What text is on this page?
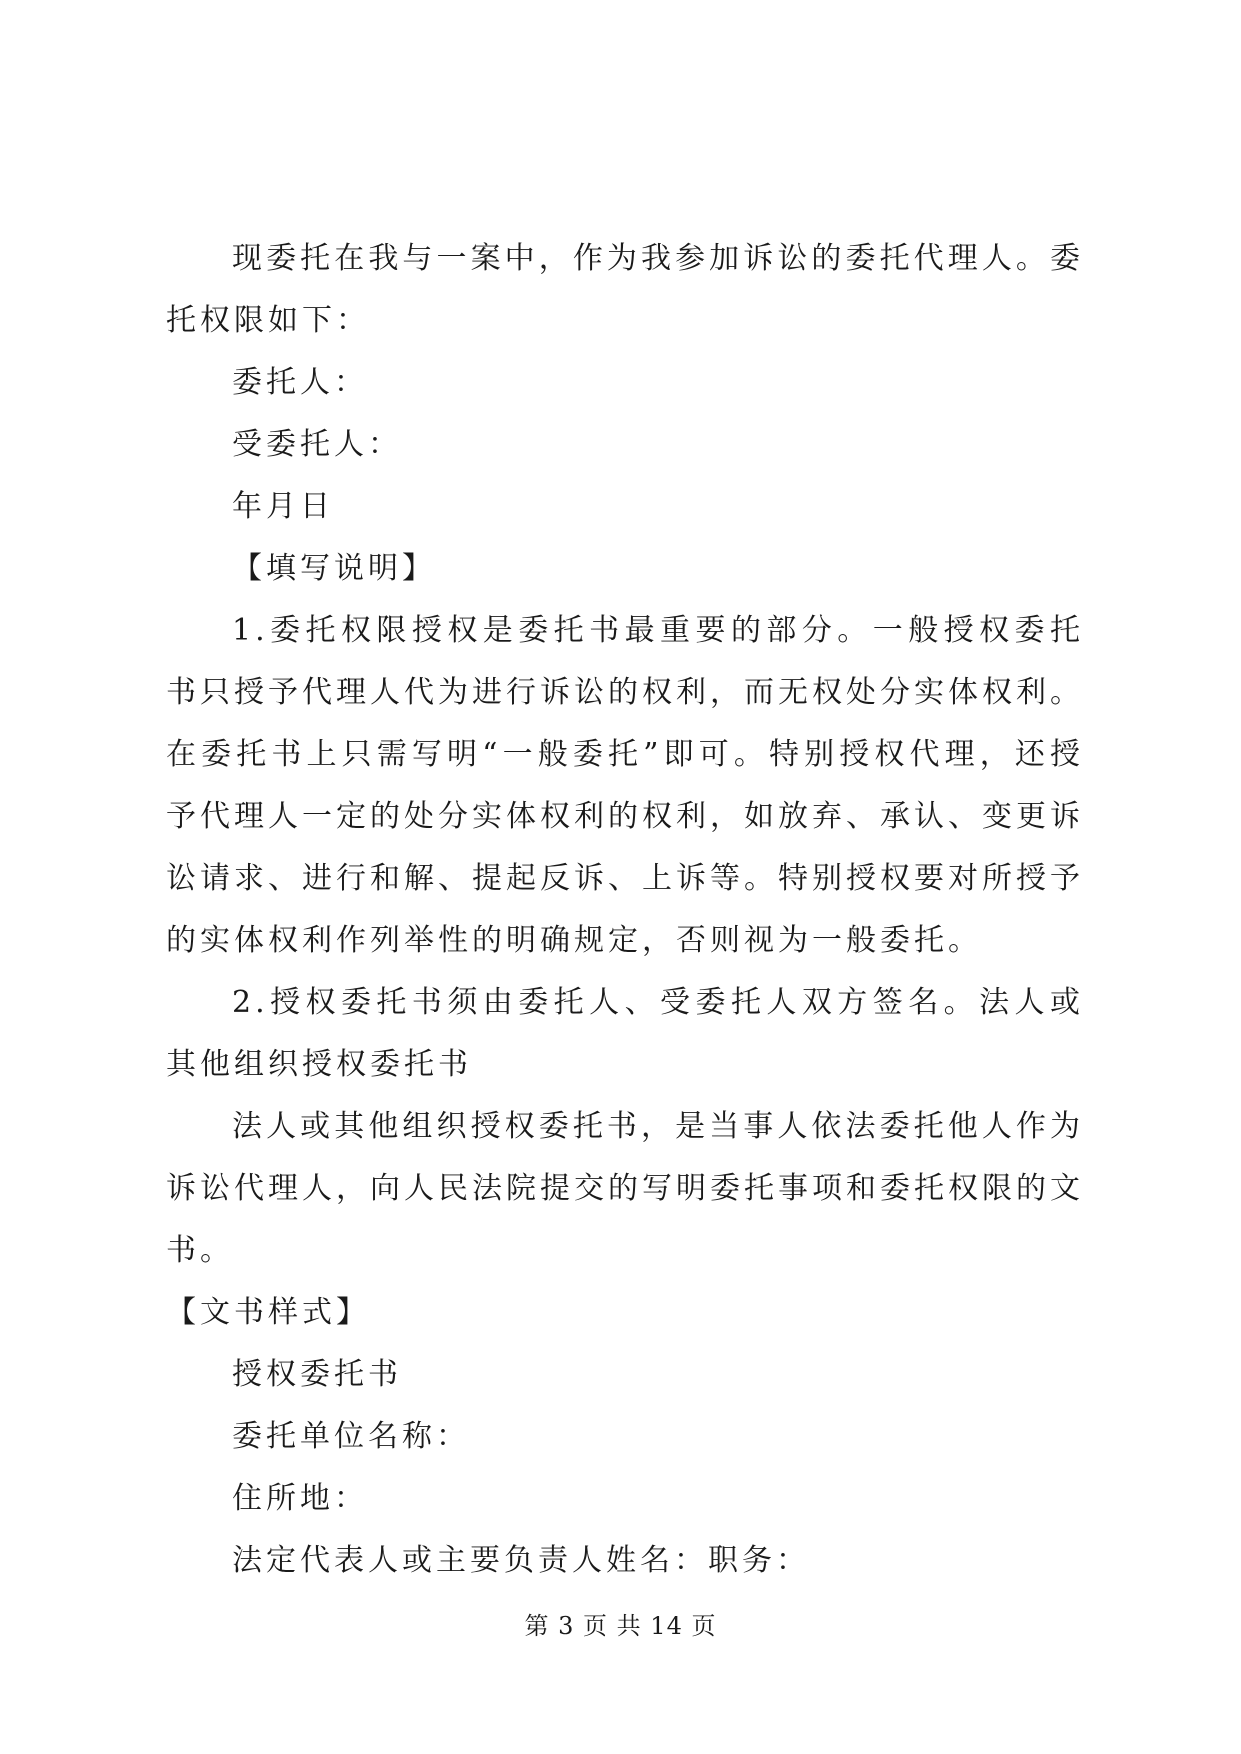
现委托在我与一案中，作为我参加诉讼的委托代理人。委托权限如下：

委托人：

受委托人：

年月日

【填写说明】

1.委托权限授权是委托书最重要的部分。一般授权委托书只授予代理人代为进行诉讼的权利，而无权处分实体权利。在委托书上只需写明“一般委托”即可。特别授权代理，还授予代理人一定的处分实体权利的权利，如放弃、承认、变更诉讼请求、进行和解、提起反诉、上诉等。特别授权要对所授予的实体权利作列举性的明确规定，否则视为一般委托。

2.授权委托书须由委托人、受委托人双方签名。法人或其他组织授权委托书

法人或其他组织授权委托书，是当事人依法委托他人作为诉讼代理人，向人民法院提交的写明委托事项和委托权限的文书。

【文书样式】

授权委托书

委托单位名称：

住所地：

法定代表人或主要负责人姓名：职务：

第 3 页 共 14 页
